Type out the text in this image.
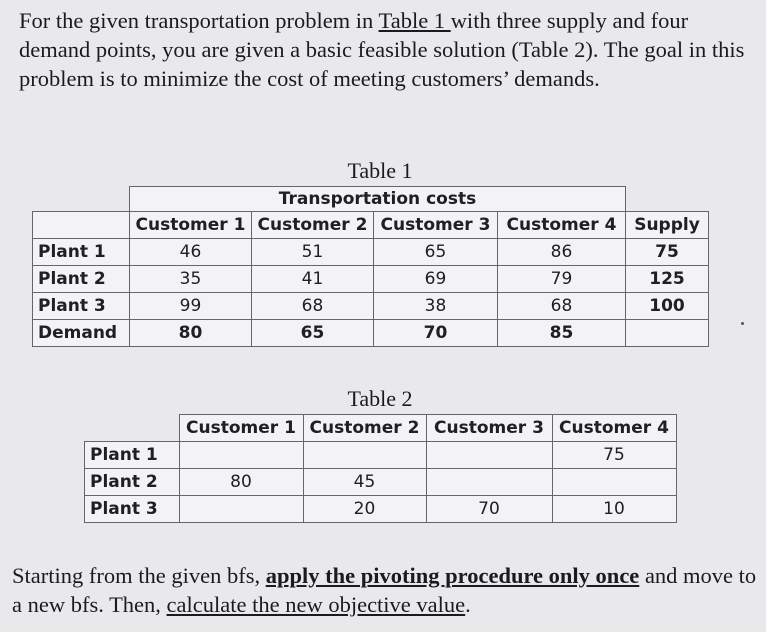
For the given transportation problem in Table 1 with three supply and four demand points, you are given a basic feasible solution (Table 2). The goal in this problem is to minimize the cost of meeting customers’ demands.
Table 1
	Transportation costs				
	Customer 1	Customer 2	Customer 3	Customer 4	Supply
Plant 1	46	51	65	86	75
Plant 2	35	41	69	79	125
Plant 3	99	68	38	68	100
Demand	80	65	70	85	
Table 2
	Customer 1	Customer 2	Customer 3	Customer 4
Plant 1				75
Plant 2	80	45		
Plant 3		20	70	10
Starting from the given bfs, apply the pivoting procedure only once and move to a new bfs. Then, calculate the new objective value.
